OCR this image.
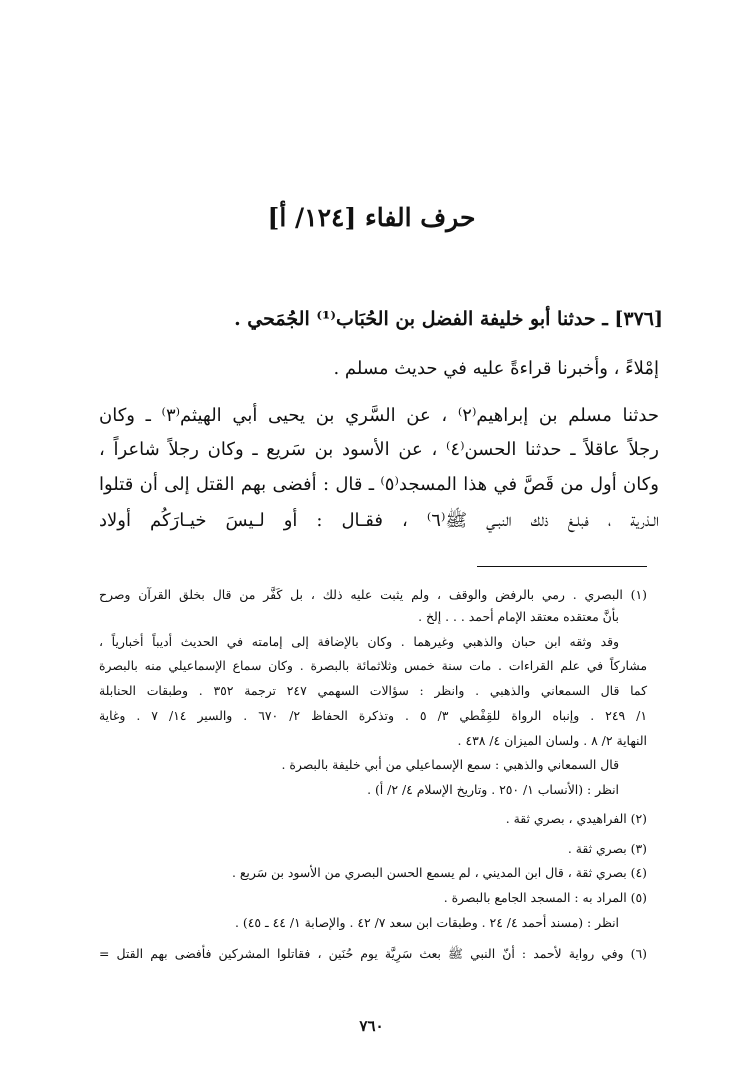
حرف الفاء [١٢٤/ أ]
[٣٧٦] ـ حدثنا أبو خليفة الفضل بن الحُبَاب⁽¹⁾ الجُمَحي .
إمْلاءً ، وأخبرنا قراءةً عليه في حديث مسلم .
حدثنا مسلم بن إبراهيم⁽٢⁾ ، عن السَّري بن يحيى أبي الهيثم⁽٣⁾ ـ وكان
رجلاً عاقلاً ـ حدثنا الحسن⁽٤⁾ ، عن الأسود بن سَريع ـ وكان رجلاً شاعراً ،
وكان أول من قَصَّ في هذا المسجد⁽٥⁾ ـ قال : أفضى بهم القتل إلى أن قتلوا
الـذرية ، فبلـغ ذلك النبـي ﷺ⁽٦⁾ ، فقـال : أو لـيسَ خيـارَكُم أولاد
(١) البصري . رمي بالرفض والوقف ، ولم يثبت عليه ذلك ، بل كَفَّر من قال بخلق القرآن وصرح
بأنَّ معتقده معتقد الإمام أحمد . . . إلخ .
وقد وثقه ابن حبان والذهبي وغيرهما . وكان بالإضافة إلى إمامته في الحديث أديباً أخبارياً ،
مشاركاً في علم القراءات . مات سنة خمس وثلاثمائة بالبصرة . وكان سماع الإسماعيلي منه بالبصرة
كما قال السمعاني والذهبي . وانظر : سؤالات السهمي ٢٤٧ ترجمة ٣٥٢ . وطبقات الحنابلة
١/ ٢٤٩ . وإنباه الرواة للقِفْطي ٣/ ٥ . وتذكرة الحفاظ ٢/ ٦٧٠ . والسير ١٤/ ٧ . وغاية
النهاية ٢/ ٨ . ولسان الميزان ٤/ ٤٣٨ .
قال السمعاني والذهبي : سمع الإسماعيلي من أبي خليفة بالبصرة .
انظر : (الأنساب ١/ ٢٥٠ . وتاريخ الإسلام ٤/ ٢/ أ) .
(٢) الفراهيدي ، بصري ثقة .
(٣) بصري ثقة .
(٤) بصري ثقة ، قال ابن المديني ، لم يسمع الحسن البصري من الأسود بن سَريع .
(٥) المراد به : المسجد الجامع بالبصرة .
انظر : (مسند أحمد ٤/ ٢٤ . وطبقات ابن سعد ٧/ ٤٢ . والإصابة ١/ ٤٤ ـ ٤٥) .
(٦) وفي رواية لأحمد : أنّ النبي ﷺ بعث سَرِيَّة يوم حُنَين ، فقاتلوا المشركين فأفضى بهم القتل =
٧٦٠
